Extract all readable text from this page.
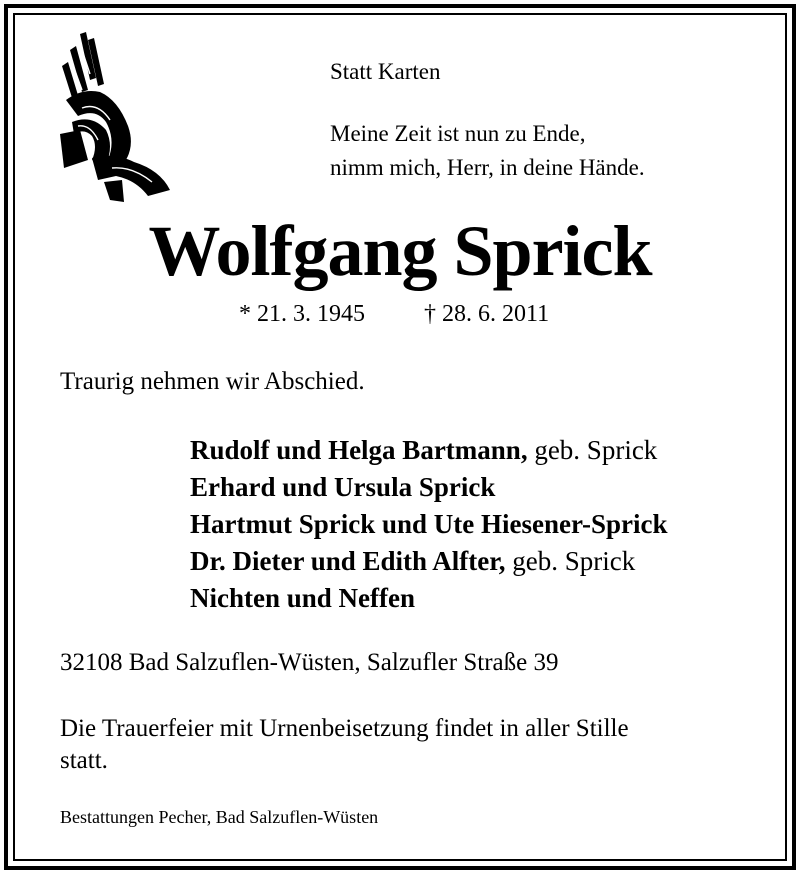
Statt Karten
Meine Zeit ist nun zu Ende,
nimm mich, Herr, in deine Hände.
Wolfgang Sprick
* 21. 3. 1945 † 28. 6. 2011
Traurig nehmen wir Abschied.
Rudolf und Helga Bartmann, geb. Sprick
Erhard und Ursula Sprick
Hartmut Sprick und Ute Hiesener-Sprick
Dr. Dieter und Edith Alfter, geb. Sprick
Nichten und Neffen
32108 Bad Salzuflen-Wüsten, Salzufler Straße 39
Die Trauerfeier mit Urnenbeisetzung findet in aller Stille
statt.
Bestattungen Pecher, Bad Salzuflen-Wüsten
